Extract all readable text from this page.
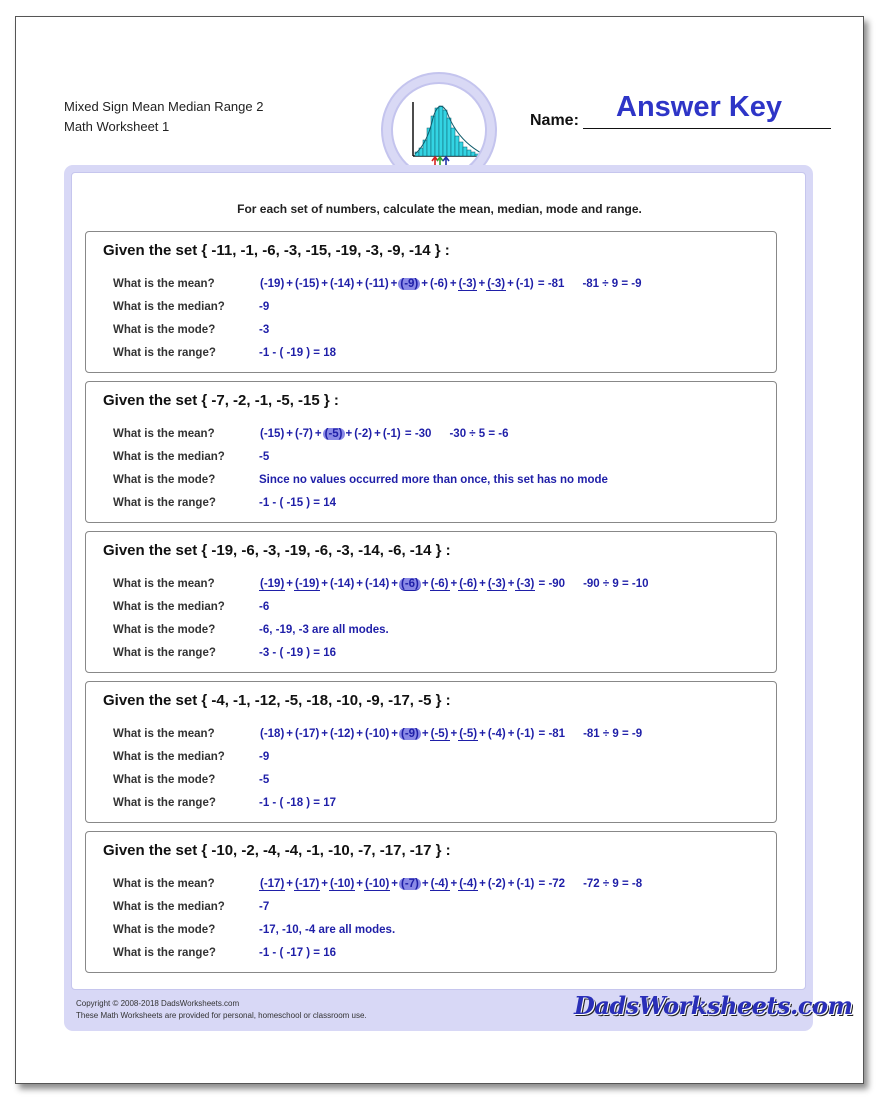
Mixed Sign Mean Median Range 2
Math Worksheet 1	Name: Answer Key
For each set of numbers, calculate the mean, median, mode and range.
Given the set { -11, -1, -6, -3, -15, -19, -3, -9, -14 } :
What is the mean?	(-19) + (-15) + (-14) + (-11) + (-9) + (-6) + (-3) + (-3) + (-1) = -81 -81 ÷ 9 = -9
What is the median?	-9
What is the mode?	-3
What is the range?	-1 - ( -19 ) = 18
Given the set { -7, -2, -1, -5, -15 } :
What is the mean?	(-15) + (-7) + (-5) + (-2) + (-1) = -30 -30 ÷ 5 = -6
What is the median?	-5
What is the mode?	Since no values occurred more than once, this set has no mode
What is the range?	-1 - ( -15 ) = 14
Given the set { -19, -6, -3, -19, -6, -3, -14, -6, -14 } :
What is the mean?	(-19) + (-19) + (-14) + (-14) + (-6) + (-6) + (-6) + (-3) + (-3) = -90 -90 ÷ 9 = -10
What is the median?	-6
What is the mode?	-6, -19, -3 are all modes.
What is the range?	-3 - ( -19 ) = 16
Given the set { -4, -1, -12, -5, -18, -10, -9, -17, -5 } :
What is the mean?	(-18) + (-17) + (-12) + (-10) + (-9) + (-5) + (-5) + (-4) + (-1) = -81 -81 ÷ 9 = -9
What is the median?	-9
What is the mode?	-5
What is the range?	-1 - ( -18 ) = 17
Given the set { -10, -2, -4, -4, -1, -10, -7, -17, -17 } :
What is the mean?	(-17) + (-17) + (-10) + (-10) + (-7) + (-4) + (-4) + (-2) + (-1) = -72 -72 ÷ 9 = -8
What is the median?	-7
What is the mode?	-17, -10, -4 are all modes.
What is the range?	-1 - ( -17 ) = 16
Copyright © 2008-2018 DadsWorksheets.com
These Math Worksheets are provided for personal, homeschool or classroom use.	DadsWorksheets.com
